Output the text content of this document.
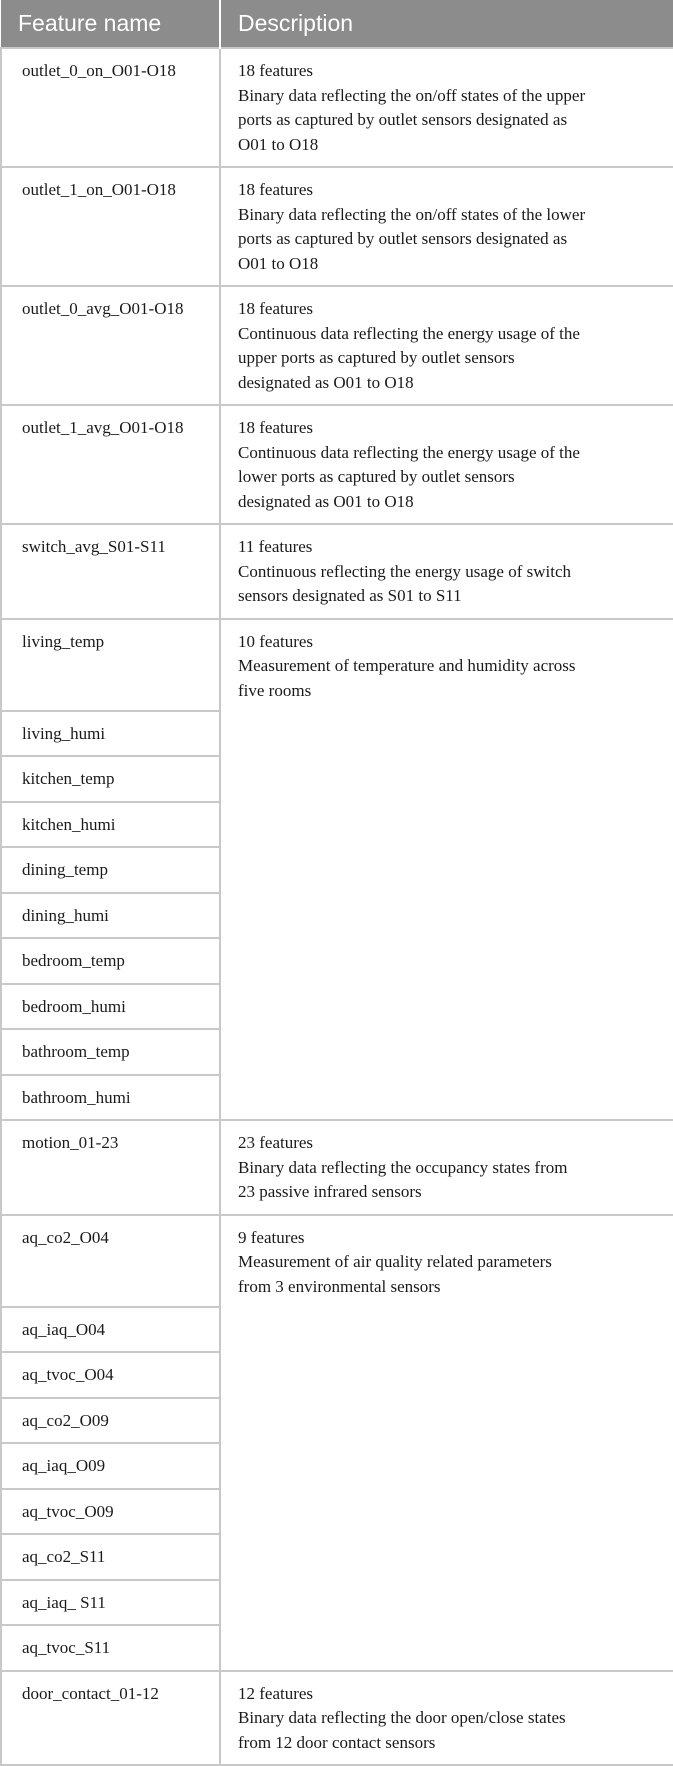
Feature name	Description
outlet_0_on_O01-O18	18 features
Binary data reflecting the on/off states of the upper
ports as captured by outlet sensors designated as
O01 to O18

outlet_1_on_O01-O18	18 features
Binary data reflecting the on/off states of the lower
ports as captured by outlet sensors designated as
O01 to O18

outlet_0_avg_O01-O18	18 features
Continuous data reflecting the energy usage of the
upper ports as captured by outlet sensors
designated as O01 to O18

outlet_1_avg_O01-O18	18 features
Continuous data reflecting the energy usage of the
lower ports as captured by outlet sensors
designated as O01 to O18

switch_avg_S01-S11	11 features
Continuous reflecting the energy usage of switch
sensors designated as S01 to S11

living_temp	10 features
Measurement of temperature and humidity across
five rooms

living_humi	
kitchen_temp	
kitchen_humi	
dining_temp	
dining_humi	
bedroom_temp	
bedroom_humi	
bathroom_temp	
bathroom_humi	
motion_01-23	23 features
Binary data reflecting the occupancy states from
23 passive infrared sensors

aq_co2_O04	9 features
Measurement of air quality related parameters
from 3 environmental sensors

aq_iaq_O04	
aq_tvoc_O04	
aq_co2_O09	
aq_iaq_O09	
aq_tvoc_O09	
aq_co2_S11	
aq_iaq_ S11	
aq_tvoc_S11	
door_contact_01-12	12 features
Binary data reflecting the door open/close states
from 12 door contact sensors
